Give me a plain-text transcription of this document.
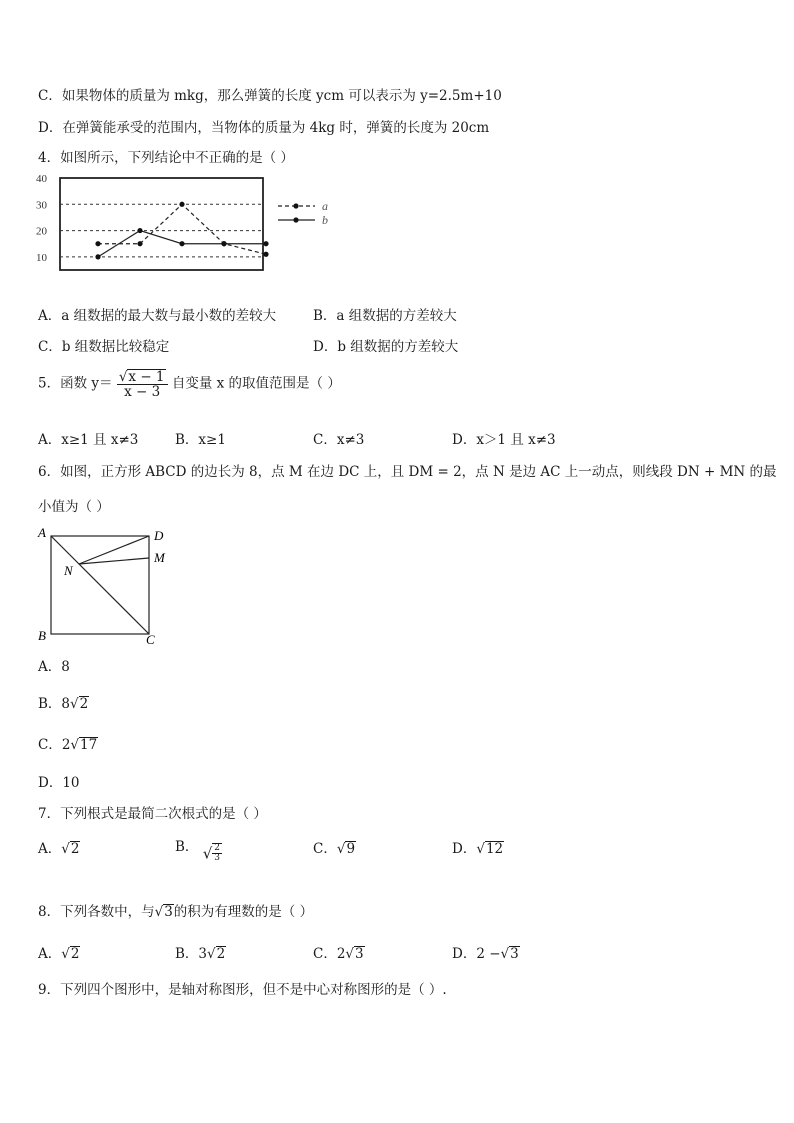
C．如果物体的质量为 mkg，那么弹簧的长度 ycm 可以表示为 y=2.5m+10
D．在弹簧能承受的范围内，当物体的质量为 4kg 时，弹簧的长度为 20cm
4．如图所示，下列结论中不正确的是（ ）
40
30
20
10
a
b
A．a 组数据的最大数与最小数的差较大	B．a 组数据的方差较大
C．b 组数据比较稳定	D．b 组数据的方差较大
5．函数 $y= \frac{√x - 1}{x - 3}$ 自变量 x 的取值范围是（ ）
A．x≥1 且 x≠3	B．x≥1	C．x≠3	D．x＞1 且 x≠3
6．如图，正方形 ABCD 的边长为 8，点 M 在边 DC 上，且 DM = 2，点 N 是边 AC 上一动点，则线段 DN + MN 的最
小值为（ ）
A
B	C
D
M
N
A．8
B．8√2
C．2√17
D．10
7．下列根式是最简二次根式的是（ ）
A．√2	B． √ $\frac{2}{3}$	C．√9	D．√12
8．下列各数中，与√3的积为有理数的是（ ）
A．√2	B．3√2	C．2√3	D．2 −√3
9．下列四个图形中，是轴对称图形，但不是中心对称图形的是（ ）.
